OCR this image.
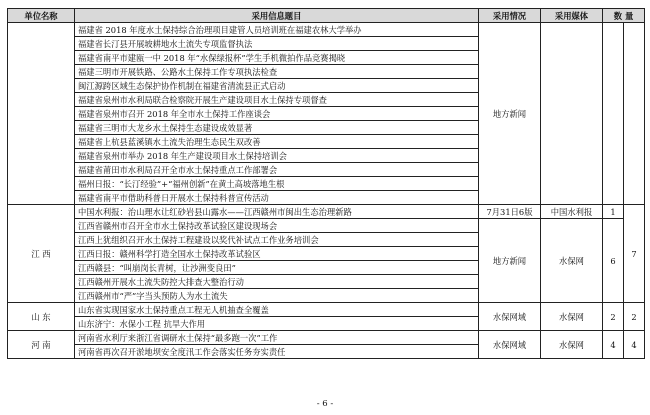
单位名称	采用信息题目	采用情况	采用媒体	数 量	
	福建省 2018 年度水土保持综合治理项目建管人员培训班在福建农林大学举办	地方新闻			
	福建省长汀县开展坡耕地水土流失专项监督执法				
	福建省南平市建瓯一中 2018 年“水保绿报杯”学生手机微拍作品竞赛揭晓				
	福建三明市开展铁路、公路水土保持工作专项执法检查				
	闽江源跨区域生态保护协作机制在福建省清流县正式启动				
	福建省泉州市水利局联合检察院开展生产建设项目水土保持专项督查				
	福建省泉州市召开 2018 年全市水土保持工作座谈会				
	福建省三明市大龙乡水土保持生态建设成效显著				
	福建省上杭县蓝溪镇水土流失治理生态民生双改善				
	福建省泉州市举办 2018 年生产建设项目水土保持培训会				
	福建省莆田市水利局召开全市水土保持重点工作部署会				
	福州日报：“长汀经验”+“福州创新”在黄土高坡落地生根				
	福建省南平市借助科普日开展水土保持科普宣传活动				
江 西	中国水利报：治山理水让红砂岩县山露水——江西赣州市闽出生态治理新路	7月31日6版	中国水利报	1	7
	江西省赣州市召开全市水土保持改革试验区建设现场会	地方新闻	水保网	6	
	江西上犹组织召开水土保持工程建设以奖代补试点工作业务培训会				
	江西日报：赣州科学打造全国水土保持改革试验区				
	江西赣县：“叫崩岗长青树，让沙洲变良田”				
	江西赣州开展水土流失防控大排查大整治行动				
	江西赣州市“严”字当头预防人为水土流失				
山 东	山东省实现国家水土保持重点工程无人机抽查全覆盖	水保网域	水保网	2	2
	山东济宁：水保小工程 抗旱大作用				
河 南	河南省水利厅来浙江省调研水土保持“最多跑一次”工作	水保网域	水保网	4	4
	河南省再次召开淤地坝安全度汛工作会落实任务夯实责任				
- 6 -
